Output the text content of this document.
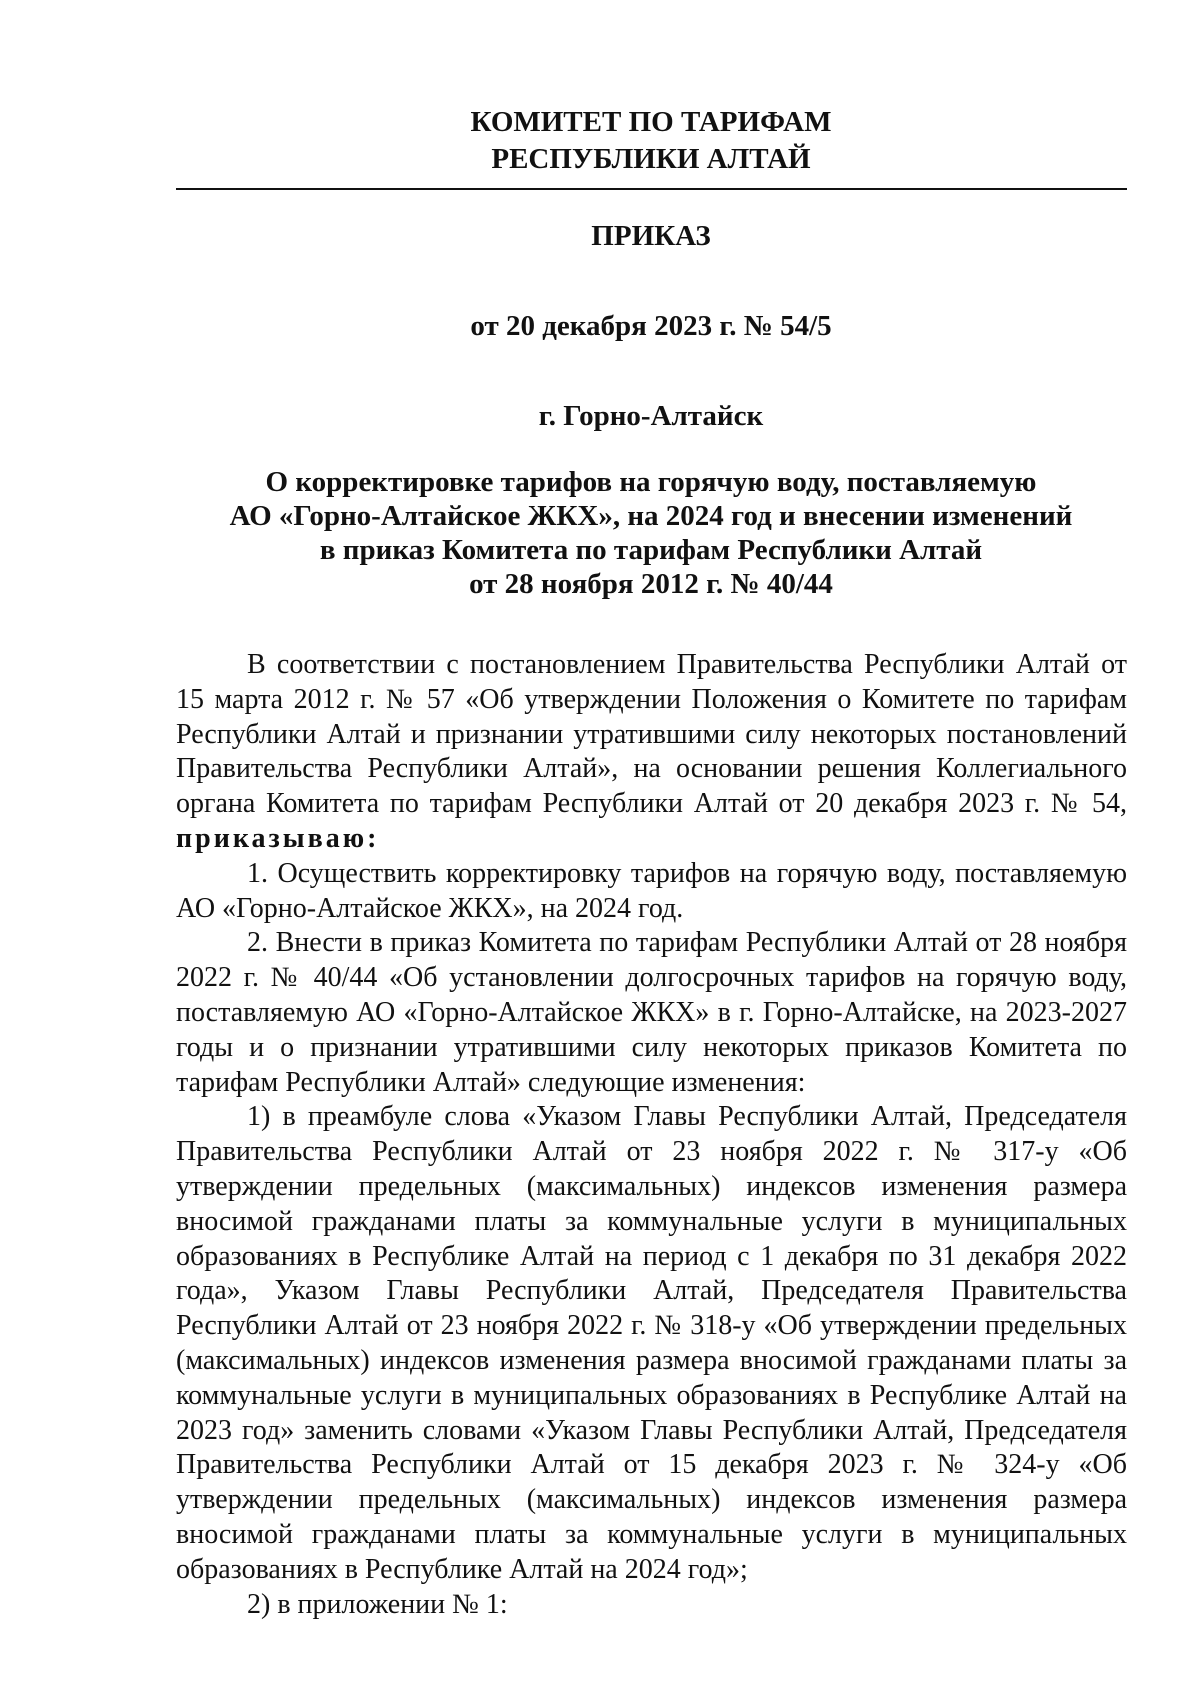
КОМИТЕТ ПО ТАРИФАМ
РЕСПУБЛИКИ АЛТАЙ
ПРИКАЗ
от 20 декабря 2023 г. № 54/5
г. Горно-Алтайск
О корректировке тарифов на горячую воду, поставляемую
АО «Горно-Алтайское ЖКХ», на 2024 год и внесении изменений
в приказ Комитета по тарифам Республики Алтай
от 28 ноября 2012 г. № 40/44

В соответствии с постановлением Правительства Республики Алтай от 15 марта 2012 г. № 57 «Об утверждении Положения о Комитете по тарифам Республики Алтай и признании утратившими силу некоторых постановлений Правительства Республики Алтай», на основании решения Коллегиального органа Комитета по тарифам Республики Алтай от 20 декабря 2023 г. № 54, приказываю:

1. Осуществить корректировку тарифов на горячую воду, поставляемую АО «Горно-Алтайское ЖКХ», на 2024 год.

2. Внести в приказ Комитета по тарифам Республики Алтай от 28 ноября 2022 г. № 40/44 «Об установлении долгосрочных тарифов на горячую воду, поставляемую АО «Горно-Алтайское ЖКХ» в г. Горно-Алтайске, на 2023-2027 годы и о признании утратившими силу некоторых приказов Комитета по тарифам Республики Алтай» следующие изменения:

1) в преамбуле слова «Указом Главы Республики Алтай, Председателя Правительства Республики Алтай от 23 ноября 2022 г. № 317-у «Об утверждении предельных (максимальных) индексов изменения размера вносимой гражданами платы за коммунальные услуги в муниципальных образованиях в Республике Алтай на период с 1 декабря по 31 декабря 2022 года», Указом Главы Республики Алтай, Председателя Правительства Республики Алтай от 23 ноября 2022 г. № 318-у «Об утверждении предельных (максимальных) индексов изменения размера вносимой гражданами платы за коммунальные услуги в муниципальных образованиях в Республике Алтай на 2023 год» заменить словами «Указом Главы Республики Алтай, Председателя Правительства Республики Алтай от 15 декабря 2023 г. № 324-у «Об утверждении предельных (максимальных) индексов изменения размера вносимой гражданами платы за коммунальные услуги в муниципальных образованиях в Республике Алтай на 2024 год»;

2) в приложении № 1:
